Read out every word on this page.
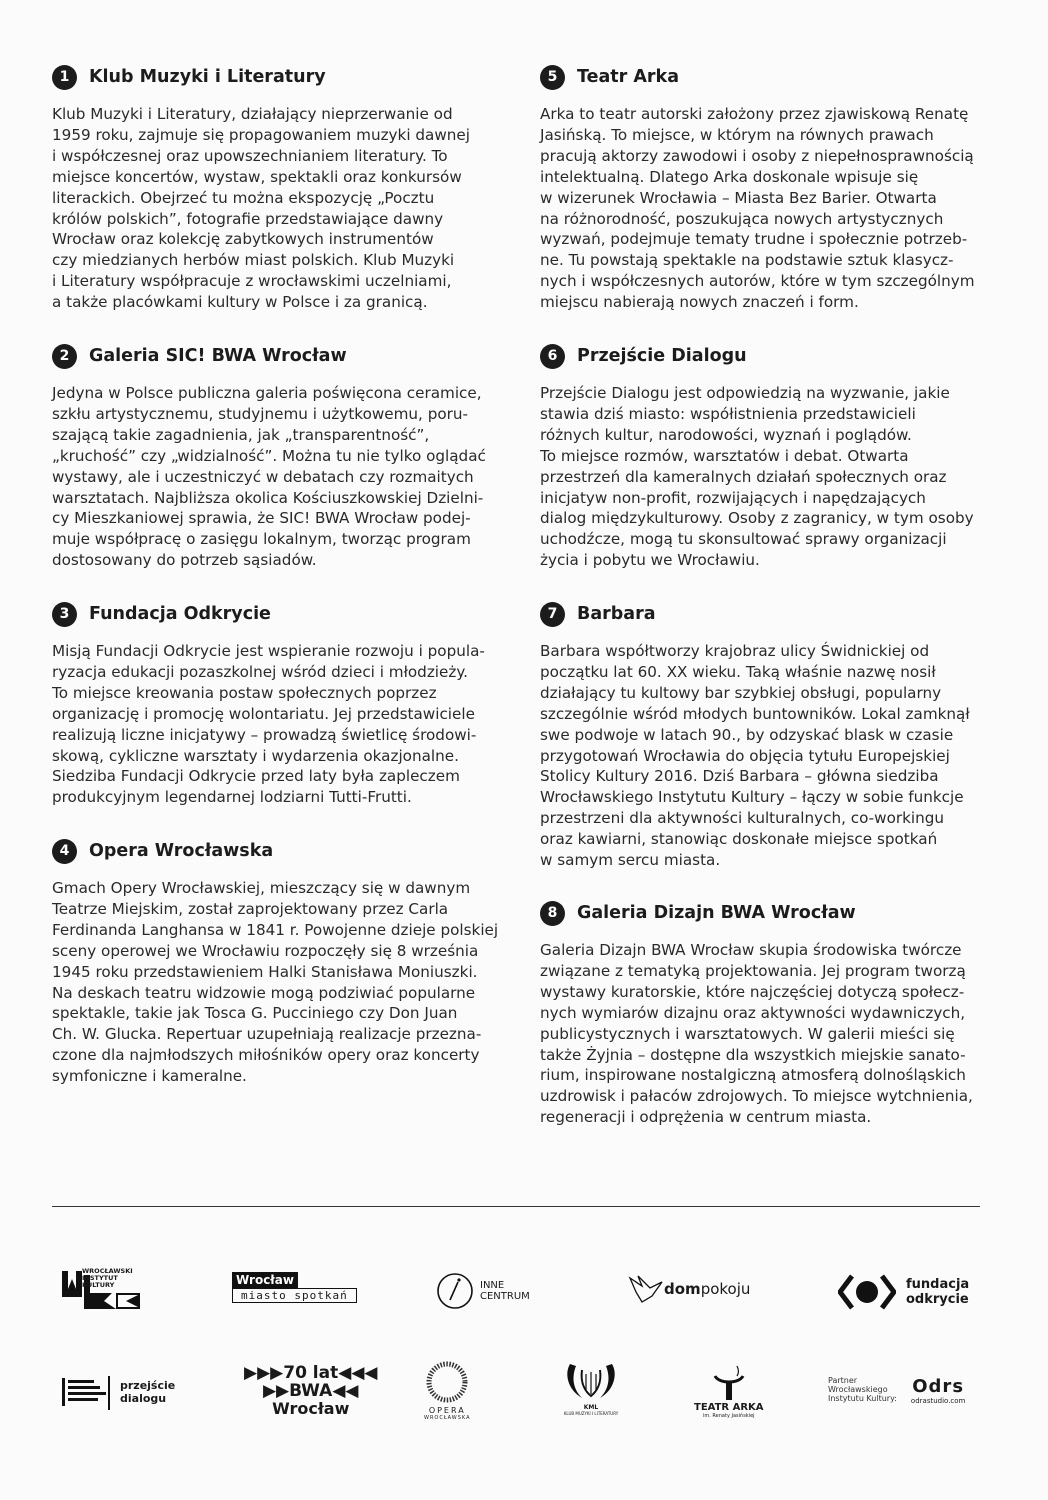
1	Klub Muzyki i Literatury
Klub Muzyki i Literatury, działający nieprzerwanie od
1959 roku, zajmuje się propagowaniem muzyki dawnej
i współczesnej oraz upowszechnianiem literatury. To
miejsce koncertów, wystaw, spektakli oraz konkursów
literackich. Obejrzeć tu można ekspozycję „Pocztu
królów polskich”, fotografie przedstawiające dawny
Wrocław oraz kolekcję zabytkowych instrumentów
czy miedzianych herbów miast polskich. Klub Muzyki
i Literatury współpracuje z wrocławskimi uczelniami,
a także placówkami kultury w Polsce i za granicą.
2	Galeria SIC! BWA Wrocław
Jedyna w Polsce publiczna galeria poświęcona ceramice,
szkłu artystycznemu, studyjnemu i użytkowemu, poru-
szającą takie zagadnienia, jak „transparentność”,
„kruchość” czy „widzialność”. Można tu nie tylko oglądać
wystawy, ale i uczestniczyć w debatach czy rozmaitych
warsztatach. Najbliższa okolica Kościuszkowskiej Dzielni-
cy Mieszkaniowej sprawia, że SIC! BWA Wrocław podej-
muje współpracę o zasięgu lokalnym, tworząc program
dostosowany do potrzeb sąsiadów.
3	Fundacja Odkrycie
Misją Fundacji Odkrycie jest wspieranie rozwoju i popula-
ryzacja edukacji pozaszkolnej wśród dzieci i młodzieży.
To miejsce kreowania postaw społecznych poprzez
organizację i promocję wolontariatu. Jej przedstawiciele
realizują liczne inicjatywy – prowadzą świetlicę środowi-
skową, cykliczne warsztaty i wydarzenia okazjonalne.
Siedziba Fundacji Odkrycie przed laty była zapleczem
produkcyjnym legendarnej lodziarni Tutti-Frutti.
4	Opera Wrocławska
Gmach Opery Wrocławskiej, mieszczący się w dawnym
Teatrze Miejskim, został zaprojektowany przez Carla
Ferdinanda Langhansa w 1841 r. Powojenne dzieje polskiej
sceny operowej we Wrocławiu rozpoczęły się 8 września
1945 roku przedstawieniem Halki Stanisława Moniuszki.
Na deskach teatru widzowie mogą podziwiać popularne
spektakle, takie jak Tosca G. Pucciniego czy Don Juan
Ch. W. Glucka. Repertuar uzupełniają realizacje przezna-
czone dla najmłodszych miłośników opery oraz koncerty
symfoniczne i kameralne.
5	Teatr Arka
Arka to teatr autorski założony przez zjawiskową Renatę
Jasińską. To miejsce, w którym na równych prawach
pracują aktorzy zawodowi i osoby z niepełnosprawnością
intelektualną. Dlatego Arka doskonale wpisuje się
w wizerunek Wrocławia – Miasta Bez Barier. Otwarta
na różnorodność, poszukująca nowych artystycznych
wyzwań, podejmuje tematy trudne i społecznie potrzeb-
ne. Tu powstają spektakle na podstawie sztuk klasycz-
nych i współczesnych autorów, które w tym szczególnym
miejscu nabierają nowych znaczeń i form.
6	Przejście Dialogu
Przejście Dialogu jest odpowiedzią na wyzwanie, jakie
stawia dziś miasto: współistnienia przedstawicieli
różnych kultur, narodowości, wyznań i poglądów.
To miejsce rozmów, warsztatów i debat. Otwarta
przestrzeń dla kameralnych działań społecznych oraz
inicjatyw non-profit, rozwijających i napędzających
dialog międzykulturowy. Osoby z zagranicy, w tym osoby
uchodźcze, mogą tu skonsultować sprawy organizacji
życia i pobytu we Wrocławiu.
7	Barbara
Barbara współtworzy krajobraz ulicy Świdnickiej od
początku lat 60. XX wieku. Taką właśnie nazwę nosił
działający tu kultowy bar szybkiej obsługi, popularny
szczególnie wśród młodych buntowników. Lokal zamknął
swe podwoje w latach 90., by odzyskać blask w czasie
przygotowań Wrocławia do objęcia tytułu Europejskiej
Stolicy Kultury 2016. Dziś Barbara – główna siedziba
Wrocławskiego Instytutu Kultury – łączy w sobie funkcje
przestrzeni dla aktywności kulturalnych, co-workingu
oraz kawiarni, stanowiąc doskonałe miejsce spotkań
w samym sercu miasta.
8	Galeria Dizajn BWA Wrocław
Galeria Dizajn BWA Wrocław skupia środowiska twórcze
związane z tematyką projektowania. Jej program tworzą
wystawy kuratorskie, które najczęściej dotyczą społecz-
nych wymiarów dizajnu oraz aktywności wydawniczych,
publicystycznych i warsztatowych. W galerii mieści się
także Żyjnia – dostępne dla wszystkich miejskie sanato-
rium, inspirowane nostalgiczną atmosferą dolnośląskich
uzdrowisk i pałaców zdrojowych. To miejsce wytchnienia,
regeneracji i odprężenia w centrum miasta.
WROCŁAWSKI INSTYTUT KULTURY	Wrocław
miasto spotkań
INNE
CENTRUM	dompokoju	fundacja
odkrycie
przejście
dialogu
▶▶▶70 lat◀◀◀
▶▶BWA◀◀
Wrocław	OPERA
WROCŁAWSKA
KML
KLUB MUZYKI I LITERATURY
TEATR ARKA
im. Renaty Jasińskiej
Partner
Wrocławskiego
Instytutu Kultury:
Odrs
odrastudio.com
